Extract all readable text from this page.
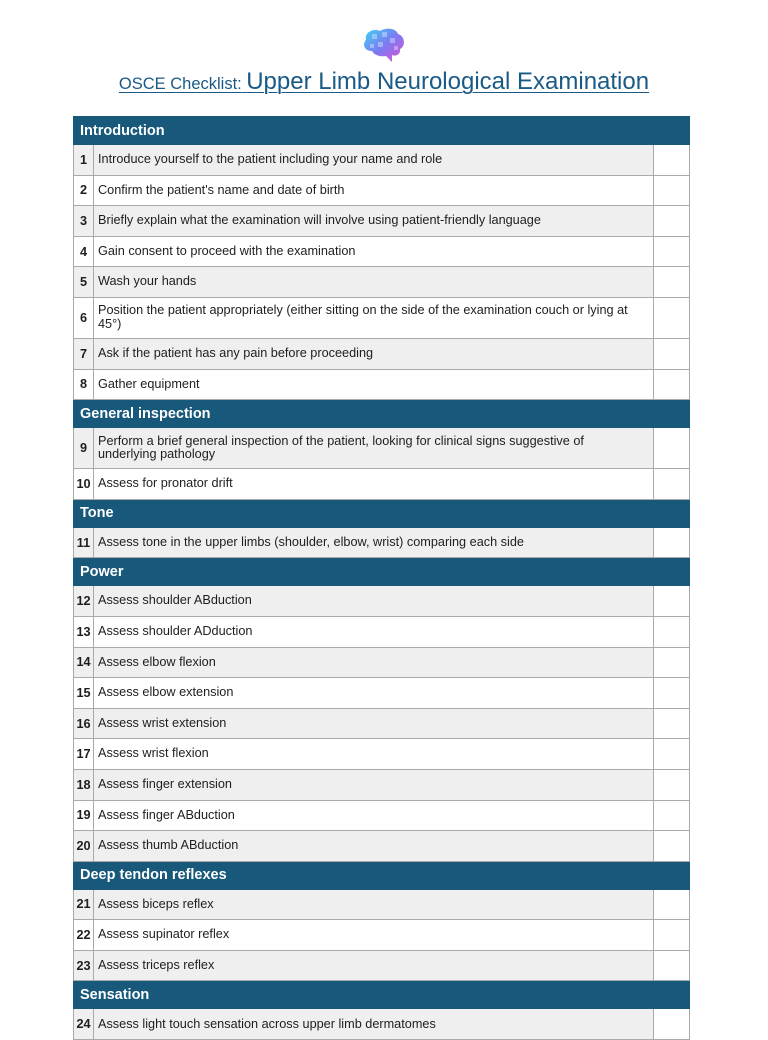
OSCE Checklist: Upper Limb Neurological Examination
Introduction		
1	Introduce yourself to the patient including your name and role	
2	Confirm the patient's name and date of birth	
3	Briefly explain what the examination will involve using patient-friendly language	
4	Gain consent to proceed with the examination	
5	Wash your hands	
6	Position the patient appropriately (either sitting on the side of the examination couch or lying at 45°)	
7	Ask if the patient has any pain before proceeding	
8	Gather equipment	
General inspection		
9	Perform a brief general inspection of the patient, looking for clinical signs suggestive of underlying pathology	
10	Assess for pronator drift	
Tone		
11	Assess tone in the upper limbs (shoulder, elbow, wrist) comparing each side	
Power		
12	Assess shoulder ABduction	
13	Assess shoulder ADduction	
14	Assess elbow flexion	
15	Assess elbow extension	
16	Assess wrist extension	
17	Assess wrist flexion	
18	Assess finger extension	
19	Assess finger ABduction	
20	Assess thumb ABduction	
Deep tendon reflexes		
21	Assess biceps reflex	
22	Assess supinator reflex	
23	Assess triceps reflex	
Sensation		
24	Assess light touch sensation across upper limb dermatomes	
